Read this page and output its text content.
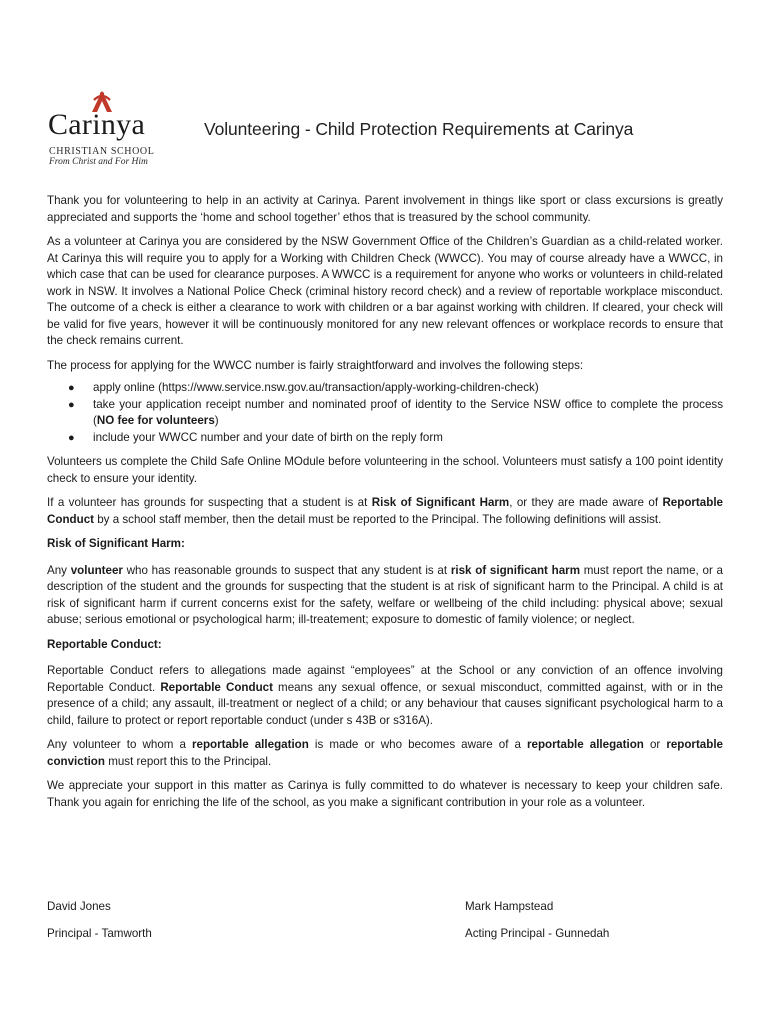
Carinya
CHRISTIAN SCHOOL
From Christ and For Him
Volunteering - Child Protection Requirements at Carinya

Thank you for volunteering to help in an activity at Carinya. Parent involvement in things like sport or class excursions is greatly appreciated and supports the ‘home and school together’ ethos that is treasured by the school community.

As a volunteer at Carinya you are considered by the NSW Government Office of the Children’s Guardian as a child-related worker. At Carinya this will require you to apply for a Working with Children Check (WWCC). You may of course already have a WWCC, in which case that can be used for clearance purposes. A WWCC is a requirement for anyone who works or volunteers in child-related work in NSW. It involves a National Police Check (criminal history record check) and a review of reportable workplace misconduct. The outcome of a check is either a clearance to work with children or a bar against working with children. If cleared, your check will be valid for five years, however it will be continuously monitored for any new relevant offences or workplace records to ensure that the check remains current.

The process for applying for the WWCC number is fairly straightforward and involves the following steps:

● apply online (https://www.service.nsw.gov.au/transaction/apply-working-children-check)
● take your application receipt number and nominated proof of identity to the Service NSW office to complete the process (NO fee for volunteers)
● include your WWCC number and your date of birth on the reply form

Volunteers us complete the Child Safe Online MOdule before volunteering in the school. Volunteers must satisfy a 100 point identity check to ensure your identity.

If a volunteer has grounds for suspecting that a student is at Risk of Significant Harm, or they are made aware of Reportable Conduct by a school staff member, then the detail must be reported to the Principal. The following definitions will assist.

Risk of Significant Harm:

Any volunteer who has reasonable grounds to suspect that any student is at risk of significant harm must report the name, or a description of the student and the grounds for suspecting that the student is at risk of significant harm to the Principal. A child is at risk of significant harm if current concerns exist for the safety, welfare or wellbeing of the child including: physical above; sexual abuse; serious emotional or psychological harm; ill-treatement; exposure to domestic of family violence; or neglect.

Reportable Conduct:

Reportable Conduct refers to allegations made against “employees” at the School or any conviction of an offence involving Reportable Conduct. Reportable Conduct means any sexual offence, or sexual misconduct, committed against, with or in the presence of a child; any assault, ill-treatment or neglect of a child; or any behaviour that causes significant psychological harm to a child, failure to protect or report reportable conduct (under s 43B or s316A).

Any volunteer to whom a reportable allegation is made or who becomes aware of a reportable allegation or reportable conviction must report this to the Principal.

We appreciate your support in this matter as Carinya is fully committed to do whatever is necessary to keep your children safe. Thank you again for enriching the life of the school, as you make a significant contribution in your role as a volunteer.

David Jones
Principal - Tamworth
Mark Hampstead
Acting Principal - Gunnedah
